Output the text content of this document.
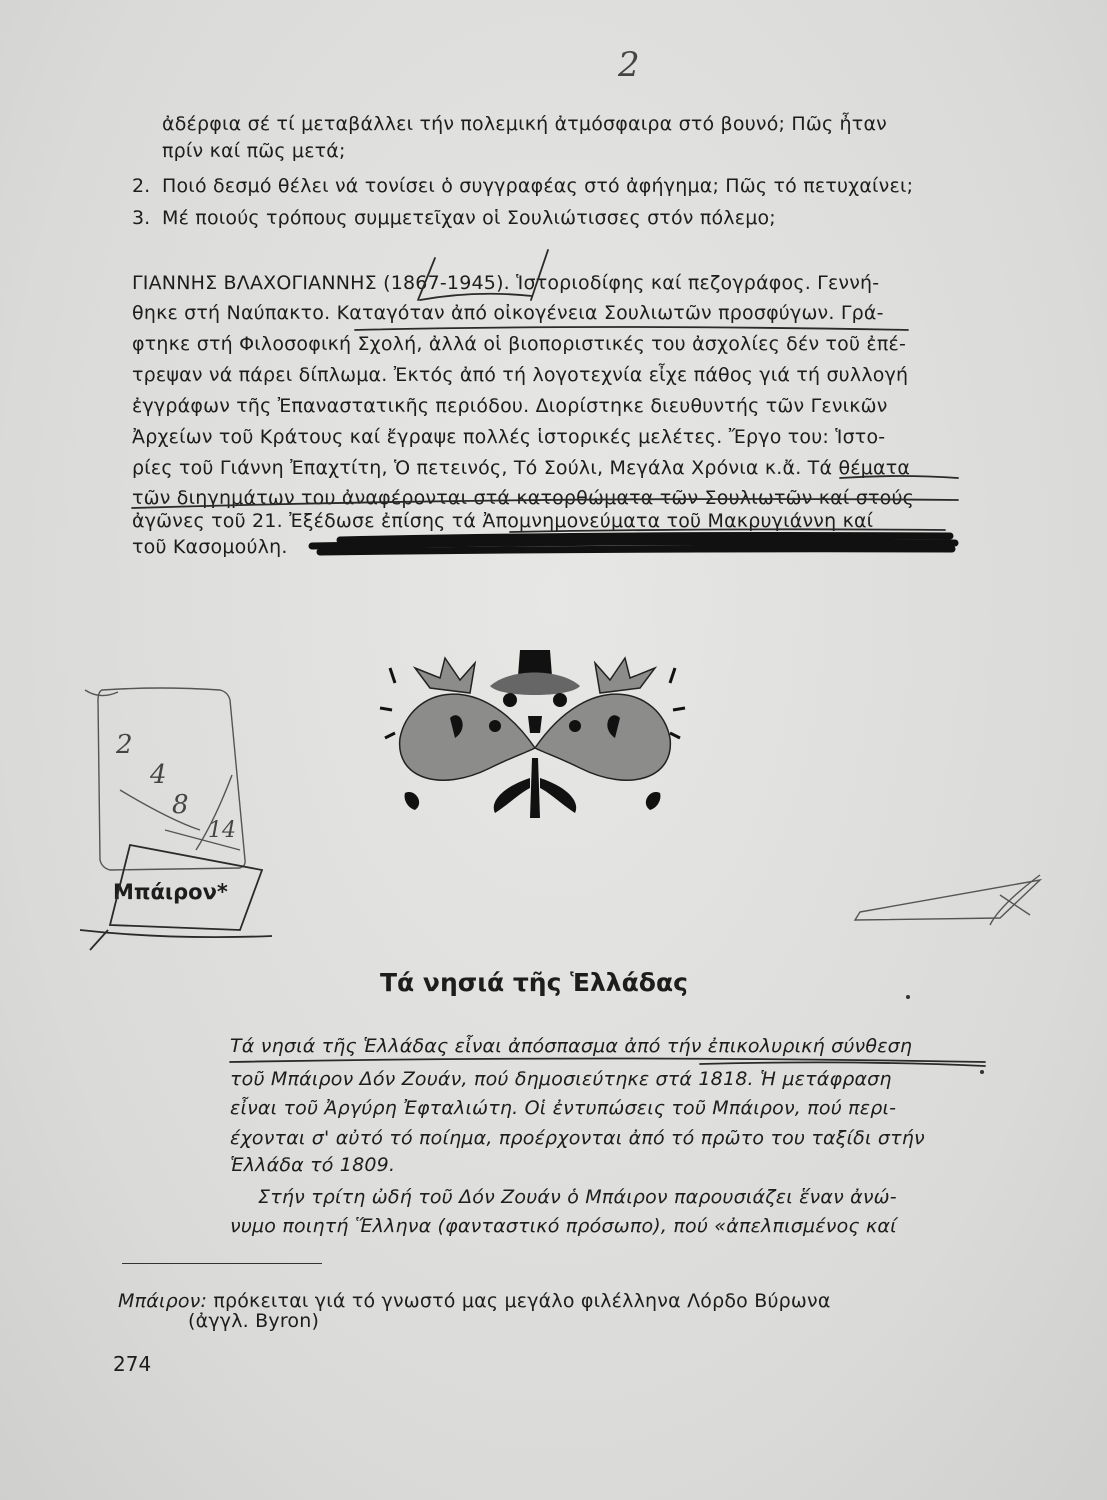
2
ἀδέρφια σέ τί μεταβάλλει τήν πολεμική ἀτμόσφαιρα στό βουνό; Πῶς ἦταν
πρίν καί πῶς μετά;
2. Ποιό δεσμό θέλει νά τονίσει ὁ συγγραφέας στό ἀφήγημα; Πῶς τό πετυχαίνει;
3. Μέ ποιούς τρόπους συμμετεῖχαν οἱ Σουλιώτισσες στόν πόλεμο;
ΓΙΑΝΝΗΣ ΒΛΑΧΟΓΙΑΝΝΗΣ (1867-1945). Ἱστοριοδίφης καί πεζογράφος. Γεννή-
θηκε στή Ναύπακτο. Καταγόταν ἀπό οἰκογένεια Σουλιωτῶν προσφύγων. Γρά-
φτηκε στή Φιλοσοφική Σχολή, ἀλλά οἱ βιοποριστικές του ἀσχολίες δέν τοῦ ἐπέ-
τρεψαν νά πάρει δίπλωμα. Ἐκτός ἀπό τή λογοτεχνία εἶχε πάθος γιά τή συλλογή
ἐγγράφων τῆς Ἐπαναστατικῆς περιόδου. Διορίστηκε διευθυντής τῶν Γενικῶν
Ἀρχείων τοῦ Κράτους καί ἔγραψε πολλές ἱστορικές μελέτες. Ἔργο του: Ἱστο-
ρίες τοῦ Γιάννη Ἐπαχτίτη, Ὁ πετεινός, Τό Σούλι, Μεγάλα Χρόνια κ.ἄ. Τά θέματα
τῶν διηγημάτων του ἀναφέρονται στά κατορθώματα τῶν Σουλιωτῶν καί στούς
ἀγῶνες τοῦ 21. Ἐξέδωσε ἐπίσης τά Ἀπομνημονεύματα τοῦ Μακρυγιάννη καί
τοῦ Κασομούλη.
Μπάιρον*
2
4
8
14
Τά νησιά τῆς Ἑλλάδας
Τά νησιά τῆς Ἑλλάδας εἶναι ἀπόσπασμα ἀπό τήν ἐπικολυρική σύνθεση
τοῦ Μπάιρον Δόν Ζουάν, πού δημοσιεύτηκε στά 1818. Ἡ μετάφραση
εἶναι τοῦ Ἀργύρη Ἐφταλιώτη. Οἱ ἐντυπώσεις τοῦ Μπάιρον, πού περι-
έχονται σ' αὐτό τό ποίημα, προέρχονται ἀπό τό πρῶτο του ταξίδι στήν
Ἑλλάδα τό 1809.
Στήν τρίτη ὠδή τοῦ Δόν Ζουάν ὁ Μπάιρον παρουσιάζει ἕναν ἀνώ-
νυμο ποιητή Ἕλληνα (φανταστικό πρόσωπο), πού «ἀπελπισμένος καί
Μπάιρον: πρόκειται γιά τό γνωστό μας μεγάλο φιλέλληνα Λόρδο Βύρωνα
(ἀγγλ. Byron)
274
